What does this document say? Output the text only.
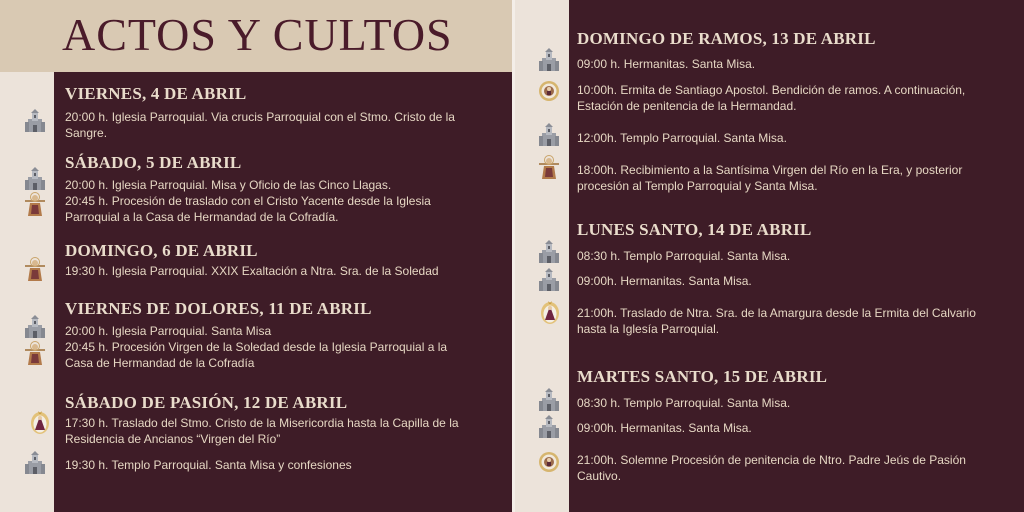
ACTOS Y CULTOS
VIERNES, 4 DE ABRIL
20:00 h. Iglesia Parroquial. Via crucis Parroquial con el Stmo. Cristo de la Sangre.
SÁBADO, 5 DE ABRIL
20:00 h. Iglesia Parroquial. Misa y Oficio de las Cinco Llagas.
20:45 h. Procesión de traslado con el Cristo Yacente desde la Iglesia Parroquial a la Casa de Hermandad de la Cofradía.
DOMINGO, 6 DE ABRIL
19:30 h. Iglesia Parroquial. XXIX Exaltación a Ntra. Sra. de la Soledad
VIERNES DE DOLORES, 11 DE ABRIL
20:00 h. Iglesia Parroquial. Santa Misa
20:45 h. Procesión Virgen de la Soledad desde la Iglesia Parroquial a la Casa de Hermandad de la Cofradía
SÁBADO DE PASIÓN, 12 DE ABRIL
17:30 h. Traslado del Stmo. Cristo de la Misericordia hasta la Capilla de la Residencia de Ancianos “Virgen del Río”
19:30 h. Templo Parroquial. Santa Misa y confesiones
DOMINGO DE RAMOS, 13 DE ABRIL
09:00 h. Hermanitas. Santa Misa.
10:00h. Ermita de Santiago Apostol. Bendición de ramos. A continuación, Estación de penitencia de la Hermandad.
12:00h. Templo Parroquial. Santa Misa.
18:00h. Recibimiento a la Santísima Virgen del Río en la Era, y posterior procesión al Templo Parroquial y Santa Misa.
LUNES SANTO, 14 DE ABRIL
08:30 h. Templo Parroquial. Santa Misa.
09:00h. Hermanitas. Santa Misa.
21:00h. Traslado de Ntra. Sra. de la Amargura desde la Ermita del Calvario hasta la Iglesía Parroquial.
MARTES SANTO, 15 DE ABRIL
08:30 h. Templo Parroquial. Santa Misa.
09:00h. Hermanitas. Santa Misa.
21:00h. Solemne Procesión de penitencia de Ntro. Padre Jeús de Pasión Cautivo.
